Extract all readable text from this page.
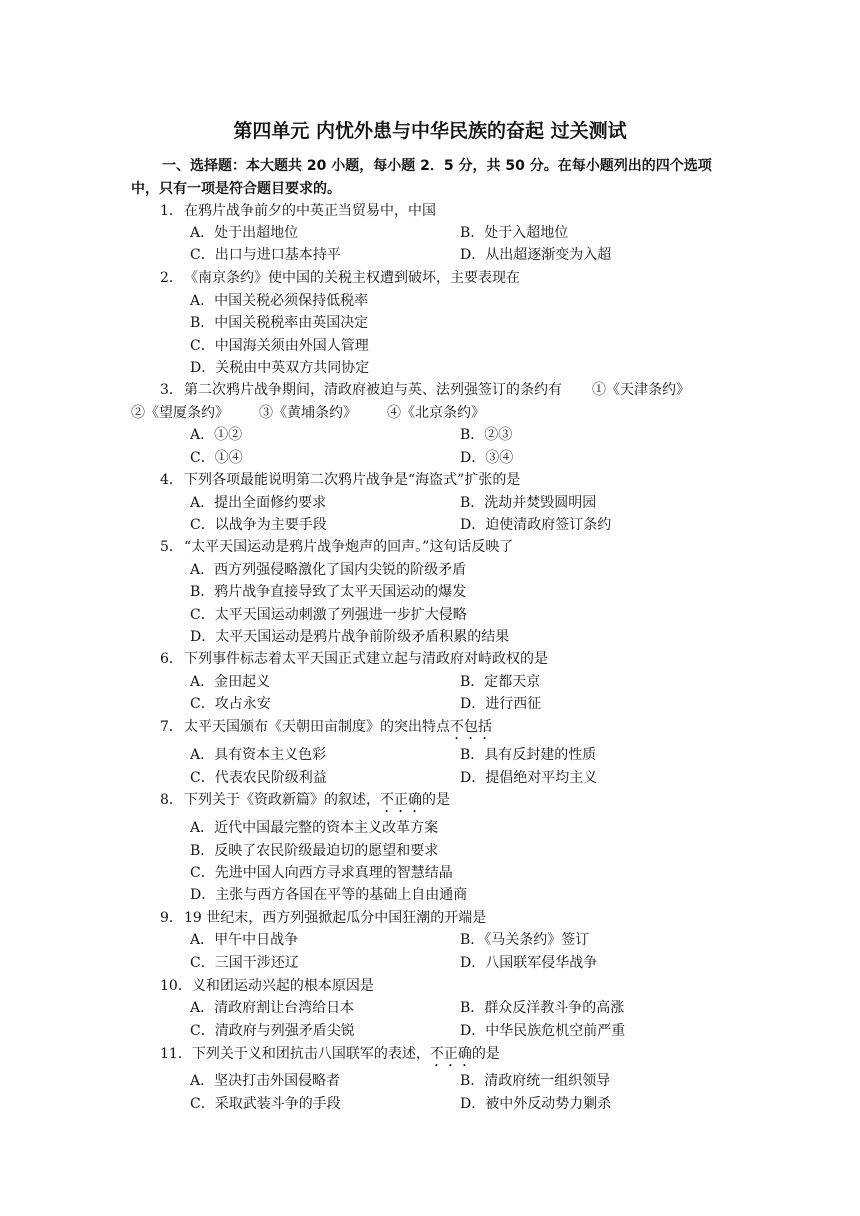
第四单元 内忧外患与中华民族的奋起 过关测试
一、选择题：本大题共 20 小题，每小题 2．5 分，共 50 分。在每小题列出的四个选项
中，只有一项是符合题目要求的。
1．在鸦片战争前夕的中英正当贸易中，中国
A．处于出超地位	B．处于入超地位
C．出口与进口基本持平	D．从出超逐渐变为入超
2．《南京条约》使中国的关税主权遭到破坏，主要表现在
A．中国关税必须保持低税率
B．中国关税税率由英国决定
C．中国海关须由外国人管理
D．关税由中英双方共同协定
3．第二次鸦片战争期间，清政府被迫与英、法列强签订的条约有 ①《天津条约》
②《望厦条约》 ③《黄埔条约》 ④《北京条约》
A．①②	B．②③
C．①④	D．③④
4．下列各项最能说明第二次鸦片战争是“海盗式”扩张的是
A．提出全面修约要求	B．洗劫并焚毁圆明园
C．以战争为主要手段	D．迫使清政府签订条约
5．“太平天国运动是鸦片战争炮声的回声。”这句话反映了
A．西方列强侵略激化了国内尖锐的阶级矛盾
B．鸦片战争直接导致了太平天国运动的爆发
C．太平天国运动刺激了列强进一步扩大侵略
D．太平天国运动是鸦片战争前阶级矛盾积累的结果
6．下列事件标志着太平天国正式建立起与清政府对峙政权的是
A．金田起义	B．定都天京
C．攻占永安	D．进行西征
7．太平天国颁布《天朝田亩制度》的突出特点不包括
A．具有资本主义色彩	B．具有反封建的性质
C．代表农民阶级利益	D．提倡绝对平均主义
8．下列关于《资政新篇》的叙述，不正确的是
A．近代中国最完整的资本主义改革方案
B．反映了农民阶级最迫切的愿望和要求
C．先进中国人向西方寻求真理的智慧结晶
D．主张与西方各国在平等的基础上自由通商
9．19 世纪末，西方列强掀起瓜分中国狂潮的开端是
A．甲午中日战争	B．《马关条约》签订
C．三国干涉还辽	D．八国联军侵华战争
10．义和团运动兴起的根本原因是
A．清政府割让台湾给日本	B．群众反洋教斗争的高涨
C．清政府与列强矛盾尖锐	D．中华民族危机空前严重
11．下列关于义和团抗击八国联军的表述，不正确的是
A．坚决打击外国侵略者	B．清政府统一组织领导
C．采取武装斗争的手段	D．被中外反动势力剿杀
